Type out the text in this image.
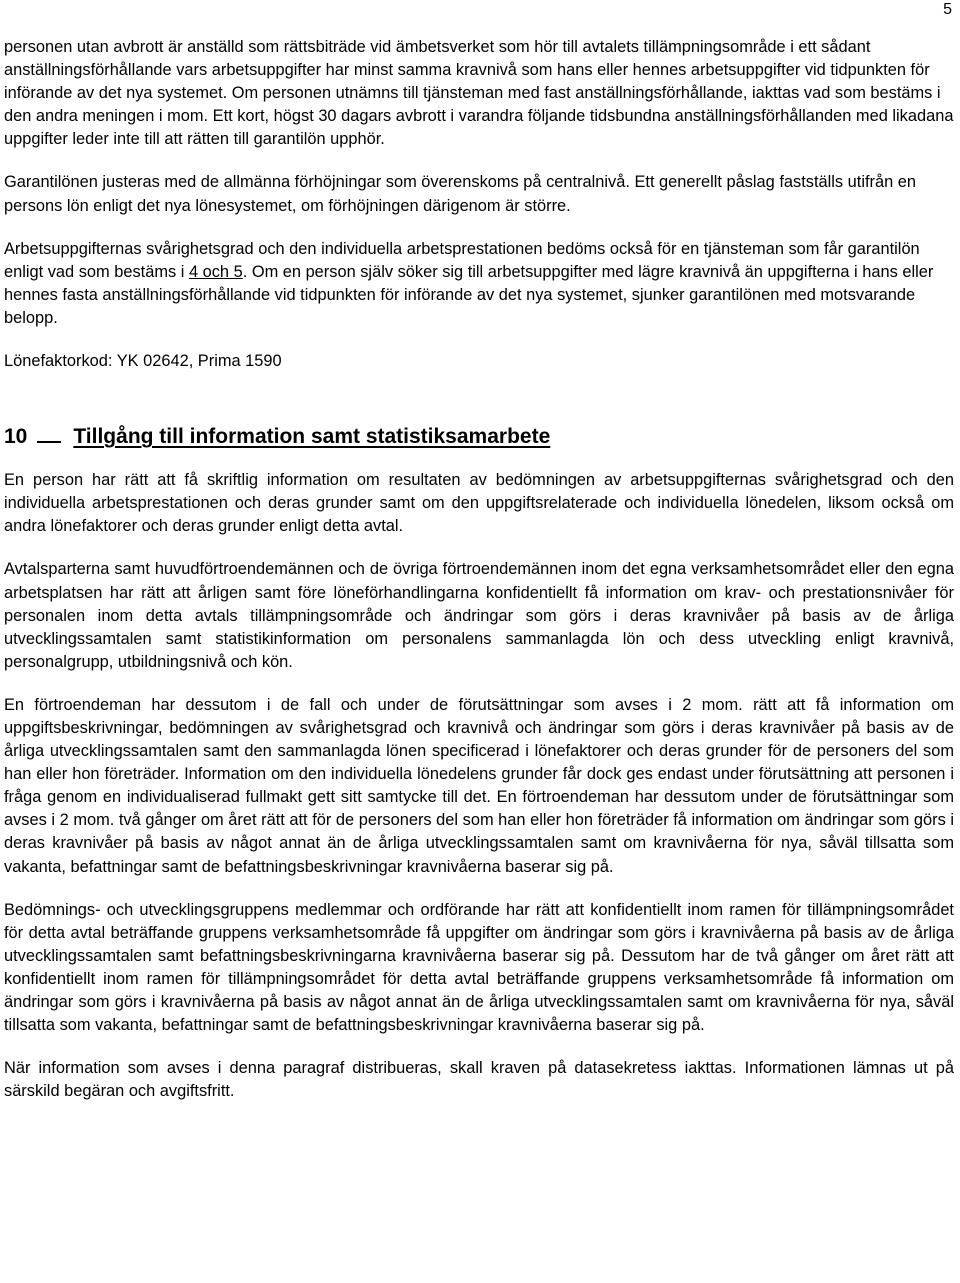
5

personen utan avbrott är anställd som rättsbiträde vid ämbetsverket som hör till avtalets tillämpningsområde i ett sådant anställningsförhållande vars arbetsuppgifter har minst samma kravnivå som hans eller hennes arbetsuppgifter vid tidpunkten för införande av det nya systemet. Om personen utnämns till tjänsteman med fast anställningsförhållande, iakttas vad som bestäms i den andra meningen i mom. Ett kort, högst 30 dagars avbrott i varandra följande tidsbundna anställningsförhållanden med likadana uppgifter leder inte till att rätten till garantilön upphör.

Garantilönen justeras med de allmänna förhöjningar som överenskoms på centralnivå. Ett generellt påslag fastställs utifrån en persons lön enligt det nya lönesystemet, om förhöjningen därigenom är större.

Arbetsuppgifternas svårighetsgrad och den individuella arbetsprestationen bedöms också för en tjänsteman som får garantilön enligt vad som bestäms i 4 och 5. Om en person själv söker sig till arbetsuppgifter med lägre kravnivå än uppgifterna i hans eller hennes fasta anställningsförhållande vid tidpunkten för införande av det nya systemet, sjunker garantilönen med motsvarande belopp.

Lönefaktorkod: YK 02642, Prima 1590

10 Tillgång till information samt statistiksamarbete

En person har rätt att få skriftlig information om resultaten av bedömningen av arbetsuppgifternas svårighetsgrad och den individuella arbetsprestationen och deras grunder samt om den uppgiftsrelaterade och individuella lönedelen, liksom också om andra lönefaktorer och deras grunder enligt detta avtal.

Avtalsparterna samt huvudförtroendemännen och de övriga förtroendemännen inom det egna verksamhetsområdet eller den egna arbetsplatsen har rätt att årligen samt före löneförhandlingarna konfidentiellt få information om krav- och prestationsnivåer för personalen inom detta avtals tillämpningsområde och ändringar som görs i deras kravnivåer på basis av de årliga utvecklingssamtalen samt statistikinformation om personalens sammanlagda lön och dess utveckling enligt kravnivå, personalgrupp, utbildningsnivå och kön.

En förtroendeman har dessutom i de fall och under de förutsättningar som avses i 2 mom. rätt att få information om uppgiftsbeskrivningar, bedömningen av svårighetsgrad och kravnivå och ändringar som görs i deras kravnivåer på basis av de årliga utvecklingssamtalen samt den sammanlagda lönen specificerad i lönefaktorer och deras grunder för de personers del som han eller hon företräder. Information om den individuella lönedelens grunder får dock ges endast under förutsättning att personen i fråga genom en individualiserad fullmakt gett sitt samtycke till det. En förtroendeman har dessutom under de förutsättningar som avses i 2 mom. två gånger om året rätt att för de personers del som han eller hon företräder få information om ändringar som görs i deras kravnivåer på basis av något annat än de årliga utvecklingssamtalen samt om kravnivåerna för nya, såväl tillsatta som vakanta, befattningar samt de befattningsbeskrivningar kravnivåerna baserar sig på.

Bedömnings- och utvecklingsgruppens medlemmar och ordförande har rätt att konfidentiellt inom ramen för tillämpningsområdet för detta avtal beträffande gruppens verksamhetsområde få uppgifter om ändringar som görs i kravnivåerna på basis av de årliga utvecklingssamtalen samt befattningsbeskrivningarna kravnivåerna baserar sig på. Dessutom har de två gånger om året rätt att konfidentiellt inom ramen för tillämpningsområdet för detta avtal beträffande gruppens verksamhetsområde få information om ändringar som görs i kravnivåerna på basis av något annat än de årliga utvecklingssamtalen samt om kravnivåerna för nya, såväl tillsatta som vakanta, befattningar samt de befattningsbeskrivningar kravnivåerna baserar sig på.

När information som avses i denna paragraf distribueras, skall kraven på datasekretess iakttas. Informationen lämnas ut på särskild begäran och avgiftsfritt.
